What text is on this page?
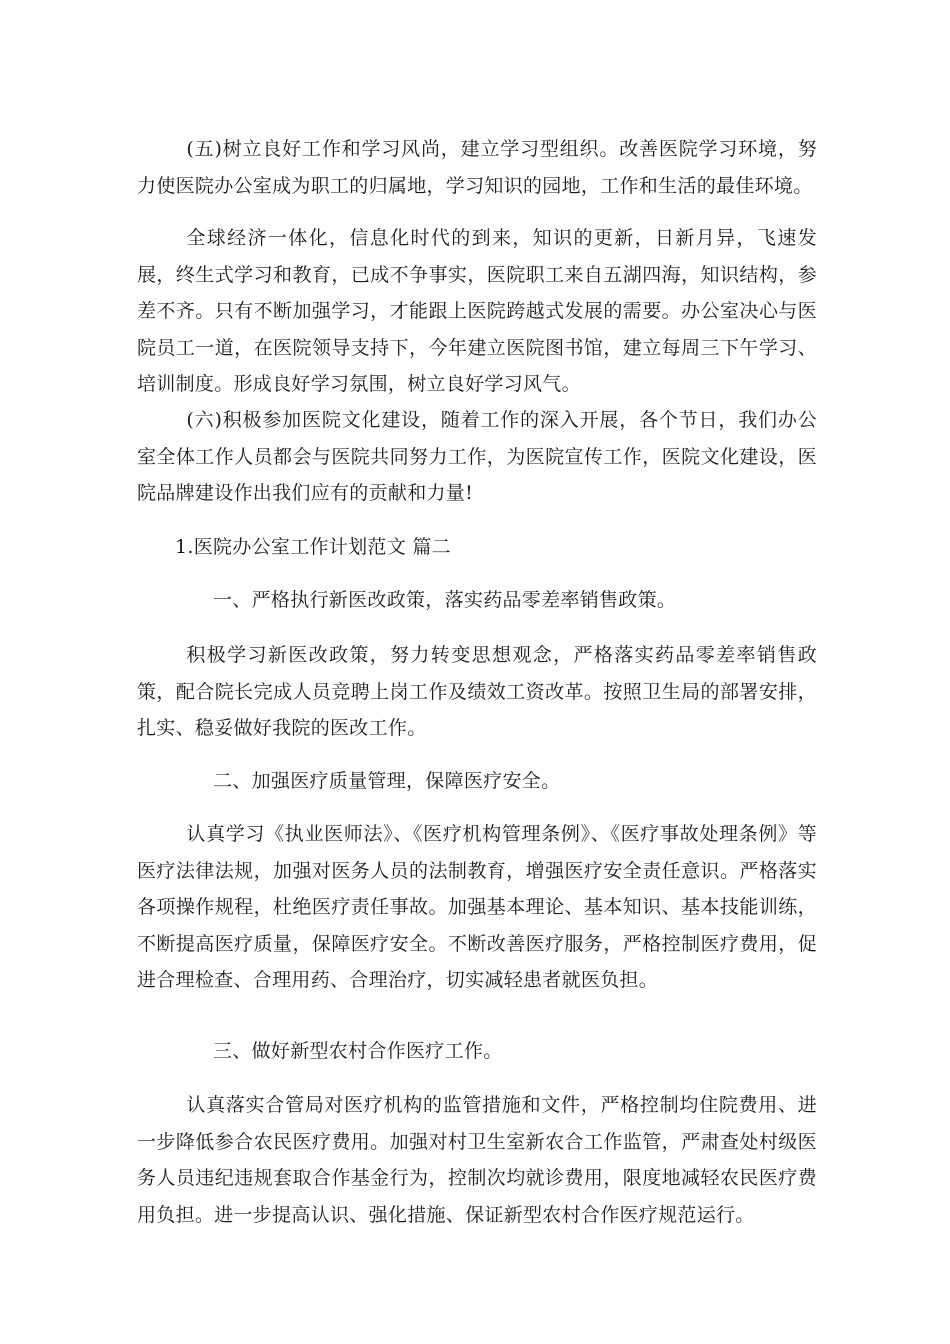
(五)树立良好工作和学习风尚，建立学习型组织。改善医院学习环境，努力使医院办公室成为职工的归属地，学习知识的园地，工作和生活的最佳环境。

全球经济一体化，信息化时代的到来，知识的更新，日新月异，飞速发展，终生式学习和教育，已成不争事实，医院职工来自五湖四海，知识结构，参差不齐。只有不断加强学习，才能跟上医院跨越式发展的需要。办公室决心与医院员工一道，在医院领导支持下，今年建立医院图书馆，建立每周三下午学习、培训制度。形成良好学习氛围，树立良好学习风气。

(六)积极参加医院文化建设，随着工作的深入开展，各个节日，我们办公室全体工作人员都会与医院共同努力工作，为医院宣传工作，医院文化建设，医院品牌建设作出我们应有的贡献和力量!

1.医院办公室工作计划范文 篇二

一、严格执行新医改政策，落实药品零差率销售政策。

积极学习新医改政策，努力转变思想观念，严格落实药品零差率销售政策，配合院长完成人员竞聘上岗工作及绩效工资改革。按照卫生局的部署安排，扎实、稳妥做好我院的医改工作。

二、加强医疗质量管理，保障医疗安全。

认真学习《执业医师法》、《医疗机构管理条例》、《医疗事故处理条例》等医疗法律法规，加强对医务人员的法制教育，增强医疗安全责任意识。严格落实各项操作规程，杜绝医疗责任事故。加强基本理论、基本知识、基本技能训练，不断提高医疗质量，保障医疗安全。不断改善医疗服务，严格控制医疗费用，促进合理检查、合理用药、合理治疗，切实减轻患者就医负担。

三、做好新型农村合作医疗工作。

认真落实合管局对医疗机构的监管措施和文件，严格控制均住院费用、进一步降低参合农民医疗费用。加强对村卫生室新农合工作监管，严肃查处村级医务人员违纪违规套取合作基金行为，控制次均就诊费用，限度地减轻农民医疗费用负担。进一步提高认识、强化措施、保证新型农村合作医疗规范运行。
